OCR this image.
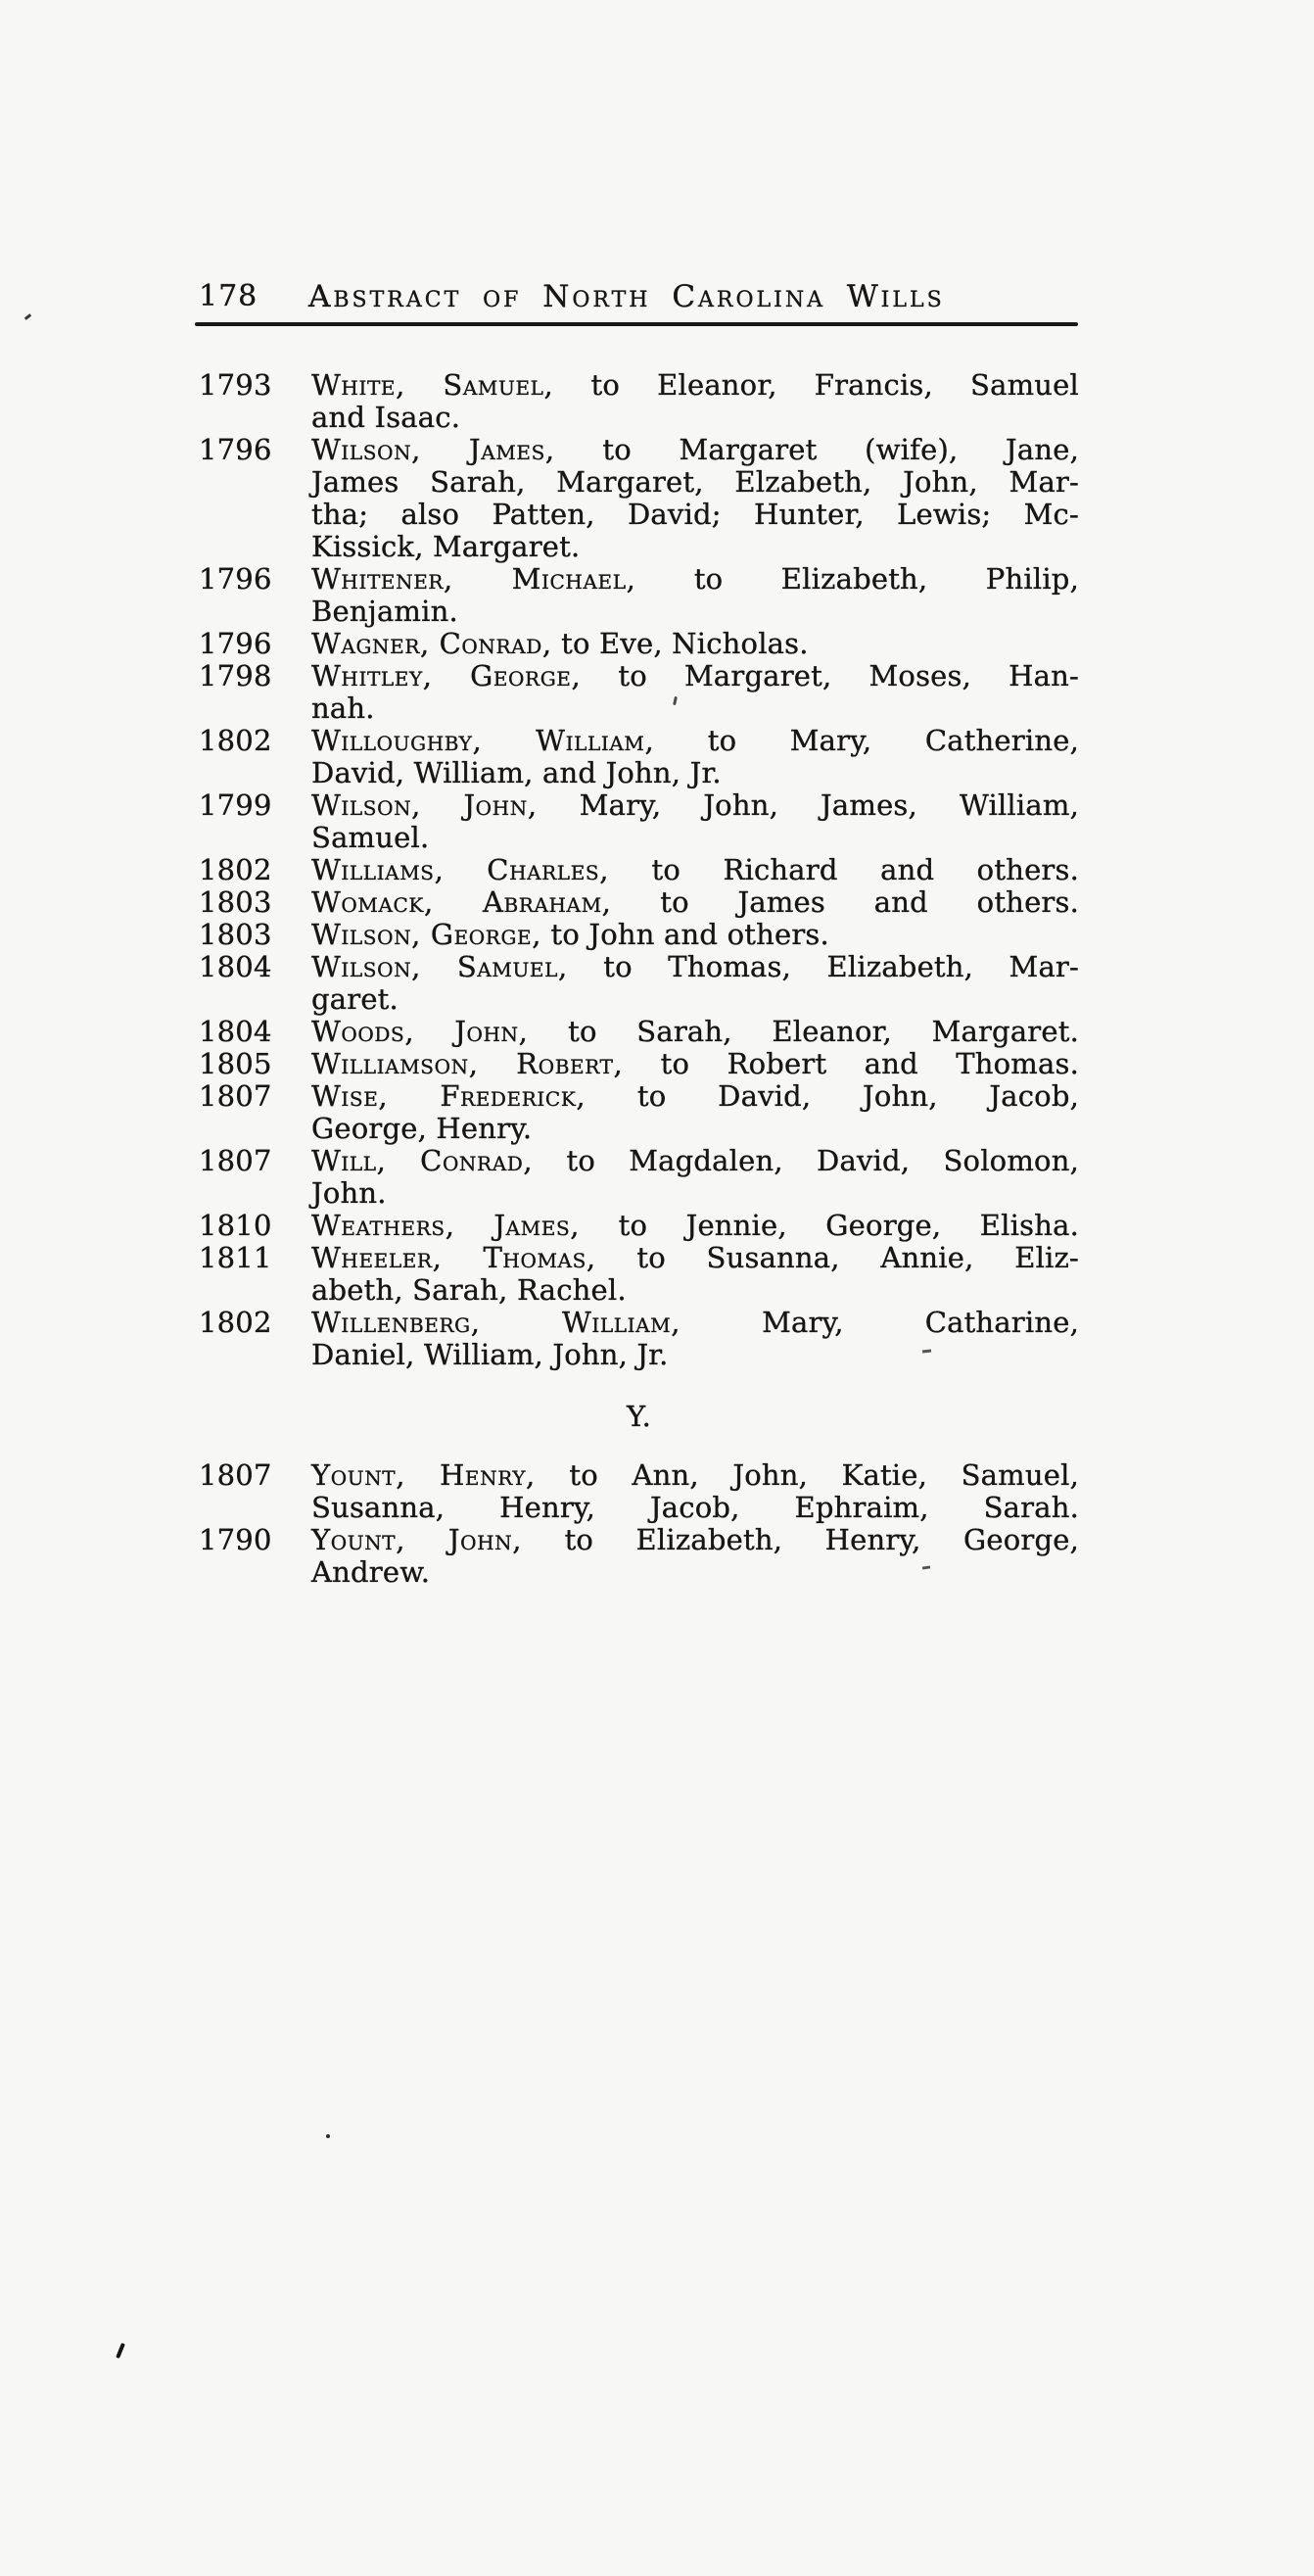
178 Abstract of North Carolina Wills
1793 White, Samuel, to Eleanor, Francis, Samuel
and Isaac.
1796 Wilson, James, to Margaret (wife), Jane,
James Sarah, Margaret, Elzabeth, John, Mar-
tha; also Patten, David; Hunter, Lewis; Mc-
Kissick, Margaret.
1796 Whitener, Michael, to Elizabeth, Philip,
Benjamin.
1796 Wagner, Conrad, to Eve, Nicholas.
1798 Whitley, George, to Margaret, Moses, Han-
nah.
1802 Willoughby, William, to Mary, Catherine,
David, William, and John, Jr.
1799 Wilson, John, Mary, John, James, William,
Samuel.
1802 Williams, Charles, to Richard and others.
1803 Womack, Abraham, to James and others.
1803 Wilson, George, to John and others.
1804 Wilson, Samuel, to Thomas, Elizabeth, Mar-
garet.
1804 Woods, John, to Sarah, Eleanor, Margaret.
1805 Williamson, Robert, to Robert and Thomas.
1807 Wise, Frederick, to David, John, Jacob,
George, Henry.
1807 Will, Conrad, to Magdalen, David, Solomon,
John.
1810 Weathers, James, to Jennie, George, Elisha.
1811 Wheeler, Thomas, to Susanna, Annie, Eliz-
abeth, Sarah, Rachel.
1802 Willenberg, William, Mary, Catharine,
Daniel, William, John, Jr.
Y.
1807 Yount, Henry, to Ann, John, Katie, Samuel,
Susanna, Henry, Jacob, Ephraim, Sarah.
1790 Yount, John, to Elizabeth, Henry, George,
Andrew.
